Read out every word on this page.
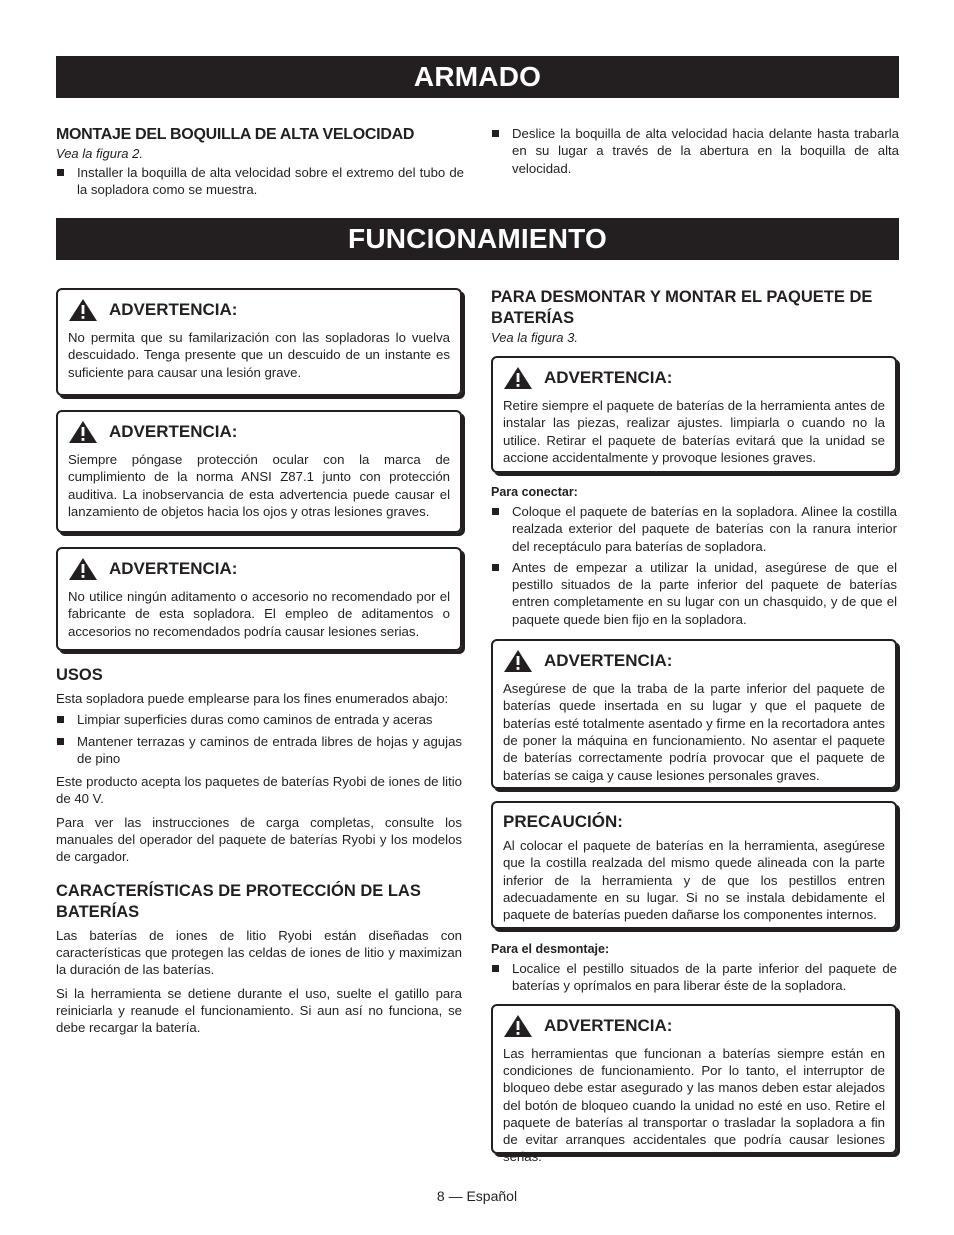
ARMADO
MONTAJE DEL BOQUILLA DE ALTA VELOCIDAD

Vea la figura 2.

Installer la boquilla de alta velocidad sobre el extremo del tubo de la sopladora como se muestra.
Deslice la boquilla de alta velocidad hacia delante hasta trabarla en su lugar a través de la abertura en la boquilla de alta velocidad.
FUNCIONAMIENTO
ADVERTENCIA:
No permita que su familarización con las sopladoras lo vuelva descuidado. Tenga presente que un descuido de un instante es suficiente para causar una lesión grave.
ADVERTENCIA:
Siempre póngase protección ocular con la marca de cumplimiento de la norma ANSI Z87.1 junto con protección auditiva. La inobservancia de esta advertencia puede causar el lanzamiento de objetos hacia los ojos y otras lesiones graves.
ADVERTENCIA:
No utilice ningún aditamento o accesorio no recomendado por el fabricante de esta sopladora. El empleo de aditamentos o accesorios no recomendados podría causar lesiones serias.
USOS

Esta sopladora puede emplearse para los fines enumerados abajo:

Limpiar superficies duras como caminos de entrada y aceras
Mantener terrazas y caminos de entrada libres de hojas y agujas de pino

Este producto acepta los paquetes de baterías Ryobi de iones de litio de 40 V.

Para ver las instrucciones de carga completas, consulte los manuales del operador del paquete de baterías Ryobi y los modelos de cargador.

CARACTERÍSTICAS DE PROTECCIÓN DE LAS BATERÍAS

Las baterías de iones de litio Ryobi están diseñadas con características que protegen las celdas de iones de litio y maximizan la duración de las baterías.

Si la herramienta se detiene durante el uso, suelte el gatillo para reiniciarla y reanude el funcionamiento. Si aun así no funciona, se debe recargar la batería.

PARA DESMONTAR Y MONTAR EL PAQUETE DE BATERÍAS

Vea la figura 3.

ADVERTENCIA:
Retire siempre el paquete de baterías de la herramienta antes de instalar las piezas, realizar ajustes. limpiarla o cuando no la utilice. Retirar el paquete de baterías evitará que la unidad se accione accidentalmente y provoque lesiones graves.

Para conectar:

Coloque el paquete de baterías en la sopladora. Alinee la costilla realzada exterior del paquete de baterías con la ranura interior del receptáculo para baterías de sopladora.
Antes de empezar a utilizar la unidad, asegúrese de que el pestillo situados de la parte inferior del paquete de baterías entren completamente en su lugar con un chasquido, y de que el paquete quede bien fijo en la sopladora.
ADVERTENCIA:
Asegúrese de que la traba de la parte inferior del paquete de baterías quede insertada en su lugar y que el paquete de baterías esté totalmente asentado y firme en la recortadora antes de poner la máquina en funcionamiento. No asentar el paquete de baterías correctamente podría provocar que el paquete de baterías se caiga y cause lesiones personales graves.
PRECAUCIÓN:
Al colocar el paquete de baterías en la herramienta, asegúrese que la costilla realzada del mismo quede alineada con la parte inferior de la herramienta y de que los pestillos entren adecuadamente en su lugar. Si no se instala debidamente el paquete de baterías pueden dañarse los componentes internos.

Para el desmontaje:

Localice el pestillo situados de la parte inferior del paquete de baterías y oprímalos en para liberar éste de la sopladora.
ADVERTENCIA:
Las herramientas que funcionan a baterías siempre están en condiciones de funcionamiento. Por lo tanto, el interruptor de bloqueo debe estar asegurado y las manos deben estar alejados del botón de bloqueo cuando la unidad no esté en uso. Retire el paquete de baterías al transportar o trasladar la sopladora a fin de evitar arranques accidentales que podría causar lesiones serias.
8 — Español
